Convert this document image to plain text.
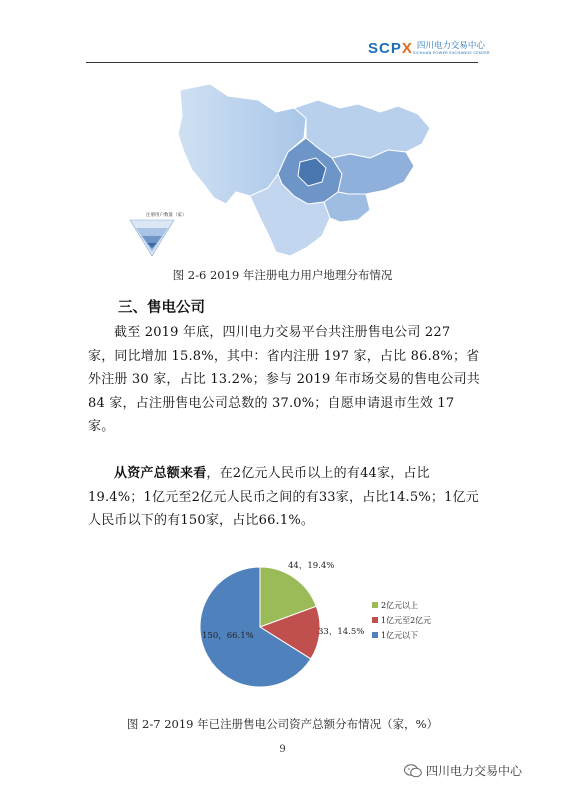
SCPX 四川电力交易中心
SICHUAN POWER EXCHANGE CENTER
注册用户数量（家）
图 2-6 2019 年注册电力用户地理分布情况
三、售电公司
截至 2019 年底，四川电力交易平台共注册售电公司 227 家，同比增加 15.8%，其中：省内注册 197 家，占比 86.8%；省外注册 30 家，占比 13.2%；参与 2019 年市场交易的售电公司共 84 家，占注册售电公司总数的 37.0%；自愿申请退市生效 17 家。
从资产总额来看，在2亿元人民币以上的有44家，占比19.4%；1亿元至2亿元人民币之间的有33家，占比14.5%；1亿元人民币以下的有150家，占比66.1%。
44，19.4%
33，14.5%
150，66.1%
2亿元以上
1亿元至2亿元
1亿元以下
图 2-7 2019 年已注册售电公司资产总额分布情况（家，%）
9
四川电力交易中心
